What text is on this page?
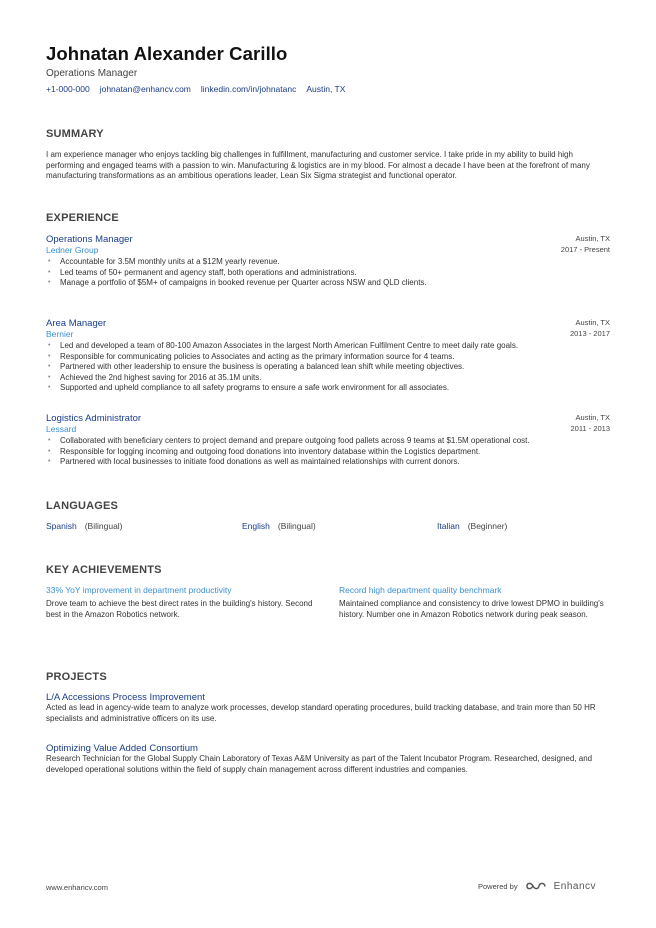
Johnatan Alexander Carillo
Operations Manager
+1-000-000 johnatan@enhancv.com linkedin.com/in/johnatanc Austin, TX
SUMMARY
I am experience manager who enjoys tackling big challenges in fulfillment, manufacturing and customer service. I take pride in my ability to build high performing and engaged teams with a passion to win. Manufacturing & logistics are in my blood. For almost a decade I have been at the forefront of many manufacturing transformations as an ambitious operations leader, Lean Six Sigma strategist and functional operator.
EXPERIENCE
Operations Manager
Ledner Group
Austin, TX
2017 - Present
• Accountable for 3.5M monthly units at a $12M yearly revenue.
• Led teams of 50+ permanent and agency staff, both operations and administrations.
• Manage a portfolio of $5M+ of campaigns in booked revenue per Quarter across NSW and QLD clients.
Area Manager
Bernier
Austin, TX
2013 - 2017
• Led and developed a team of 80-100 Amazon Associates in the largest North American Fulfilment Centre to meet daily rate goals.
• Responsible for communicating policies to Associates and acting as the primary information source for 4 teams.
• Partnered with other leadership to ensure the business is operating a balanced lean shift while meeting objectives.
• Achieved the 2nd highest saving for 2016 at 35.1M units.
• Supported and upheld compliance to all safety programs to ensure a safe work environment for all associates.
Logistics Administrator
Lessard
Austin, TX
2011 - 2013
• Collaborated with beneficiary centers to project demand and prepare outgoing food pallets across 9 teams at $1.5M operational cost.
• Responsible for logging incoming and outgoing food donations into inventory database within the Logistics department.
• Partnered with local businesses to initiate food donations as well as maintained relationships with current donors.
LANGUAGES
Spanish (Bilingual)	English (Bilingual)	Italian (Beginner)
KEY ACHIEVEMENTS
33% YoY improvement in department productivity
Drove team to achieve the best direct rates in the building's history. Second best in the Amazon Robotics network.
Record high department quality benchmark
Maintained compliance and consistency to drive lowest DPMO in building's history. Number one in Amazon Robotics network during peak season.
PROJECTS
L/A Accessions Process Improvement
Acted as lead in agency-wide team to analyze work processes, develop standard operating procedures, build tracking database, and train more than 50 HR specialists and administrative officers on its use.
Optimizing Value Added Consortium
Research Technician for the Global Supply Chain Laboratory of Texas A&M University as part of the Talent Incubator Program. Researched, designed, and developed operational solutions within the field of supply chain management across different industries and companies.
www.enhancv.com	Powered by	Enhancv
